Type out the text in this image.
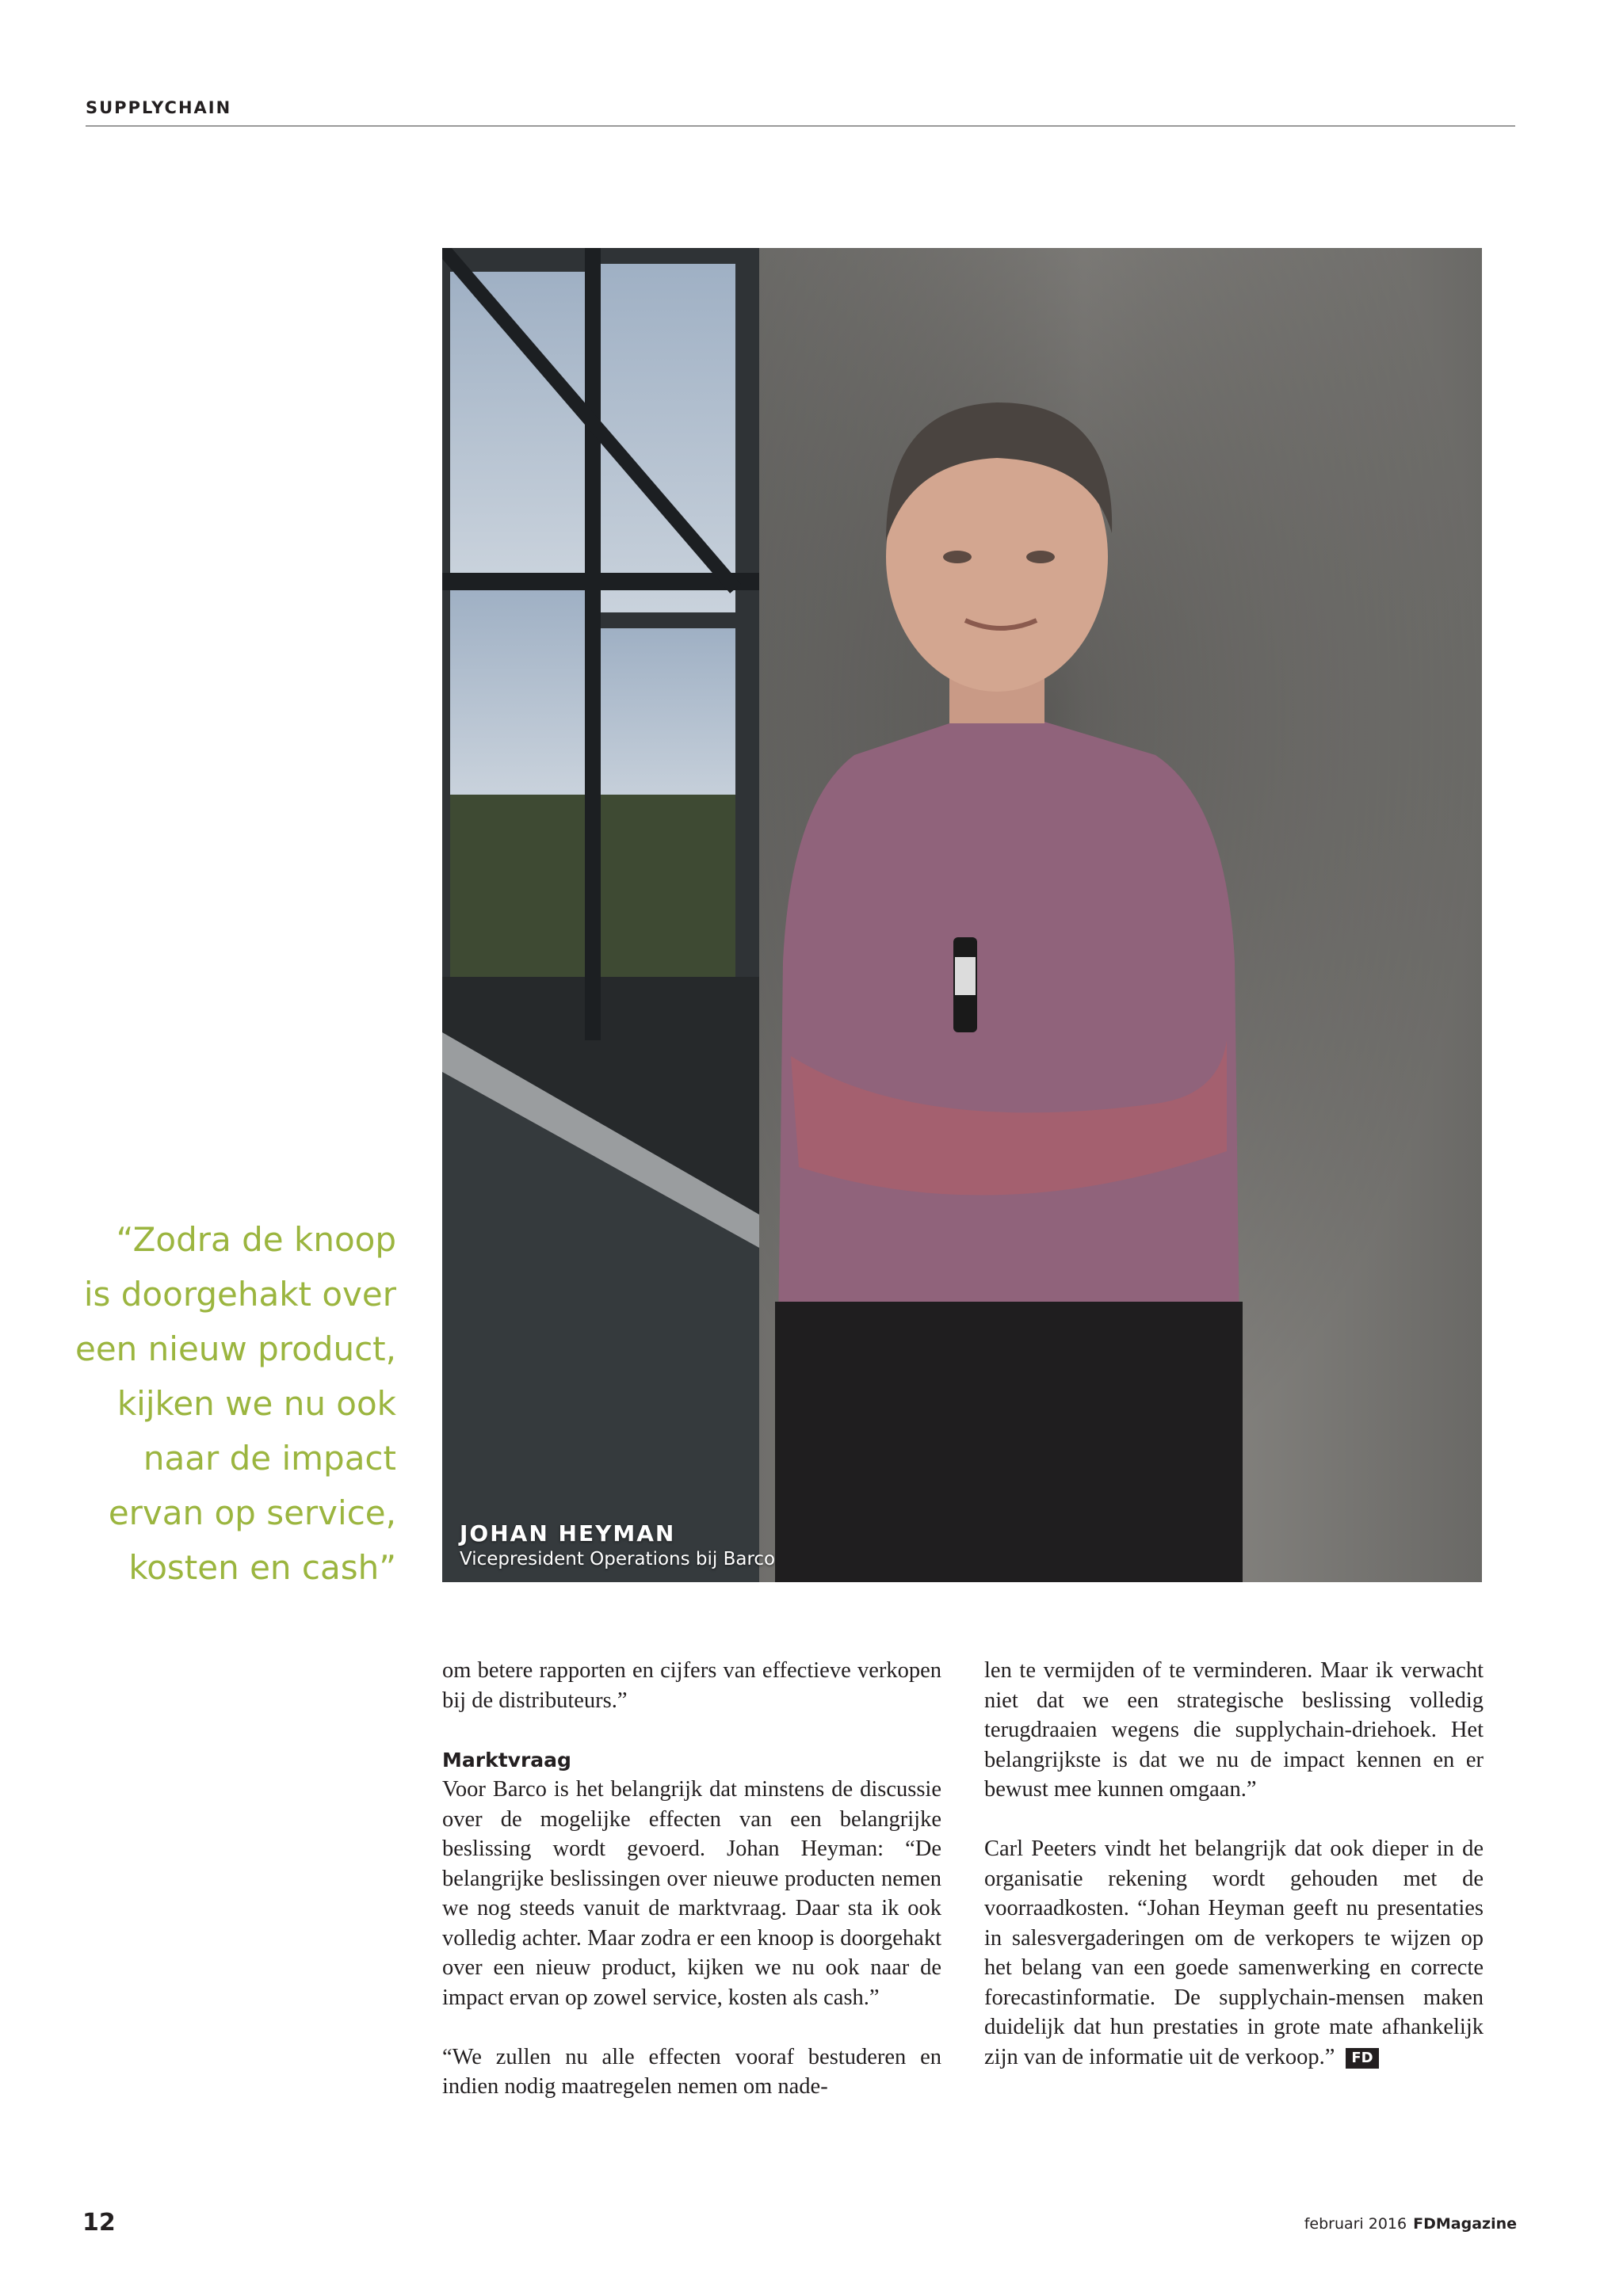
SUPPLYCHAIN
JOHAN HEYMAN
Vicepresident Operations bij Barco
“Zodra de knoop
is doorgehakt over
een nieuw product,
kijken we nu ook
naar de impact
ervan op service,
kosten en cash”

om betere rapporten en cijfers van effectieve verkopen bij de distributeurs.”

Marktvraag

Voor Barco is het belangrijk dat minstens de discussie over de mogelijke effecten van een belangrijke beslissing wordt gevoerd. Johan Heyman: “De belangrijke beslissingen over nieuwe producten nemen we nog steeds vanuit de marktvraag. Daar sta ik ook volledig achter. Maar zodra er een knoop is doorgehakt over een nieuw product, kijken we nu ook naar de impact ervan op zowel service, kosten als cash.”

“We zullen nu alle effecten vooraf bestuderen en indien nodig maatregelen nemen om nade-

len te vermijden of te verminderen. Maar ik verwacht niet dat we een strategische beslissing volledig terugdraaien wegens die supplychain-driehoek. Het belangrijkste is dat we nu de impact kennen en er bewust mee kunnen omgaan.”

Carl Peeters vindt het belangrijk dat ook dieper in de organisatie rekening wordt gehouden met de voorraadkosten. “Johan Heyman geeft nu presentaties in salesvergaderingen om de verkopers te wijzen op het belang van een goede samenwerking en correcte forecastinformatie. De supplychain-mensen maken duidelijk dat hun prestaties in grote mate afhankelijk zijn van de informatie uit de verkoop.” FD

12	februari 2016 FDMagazine
